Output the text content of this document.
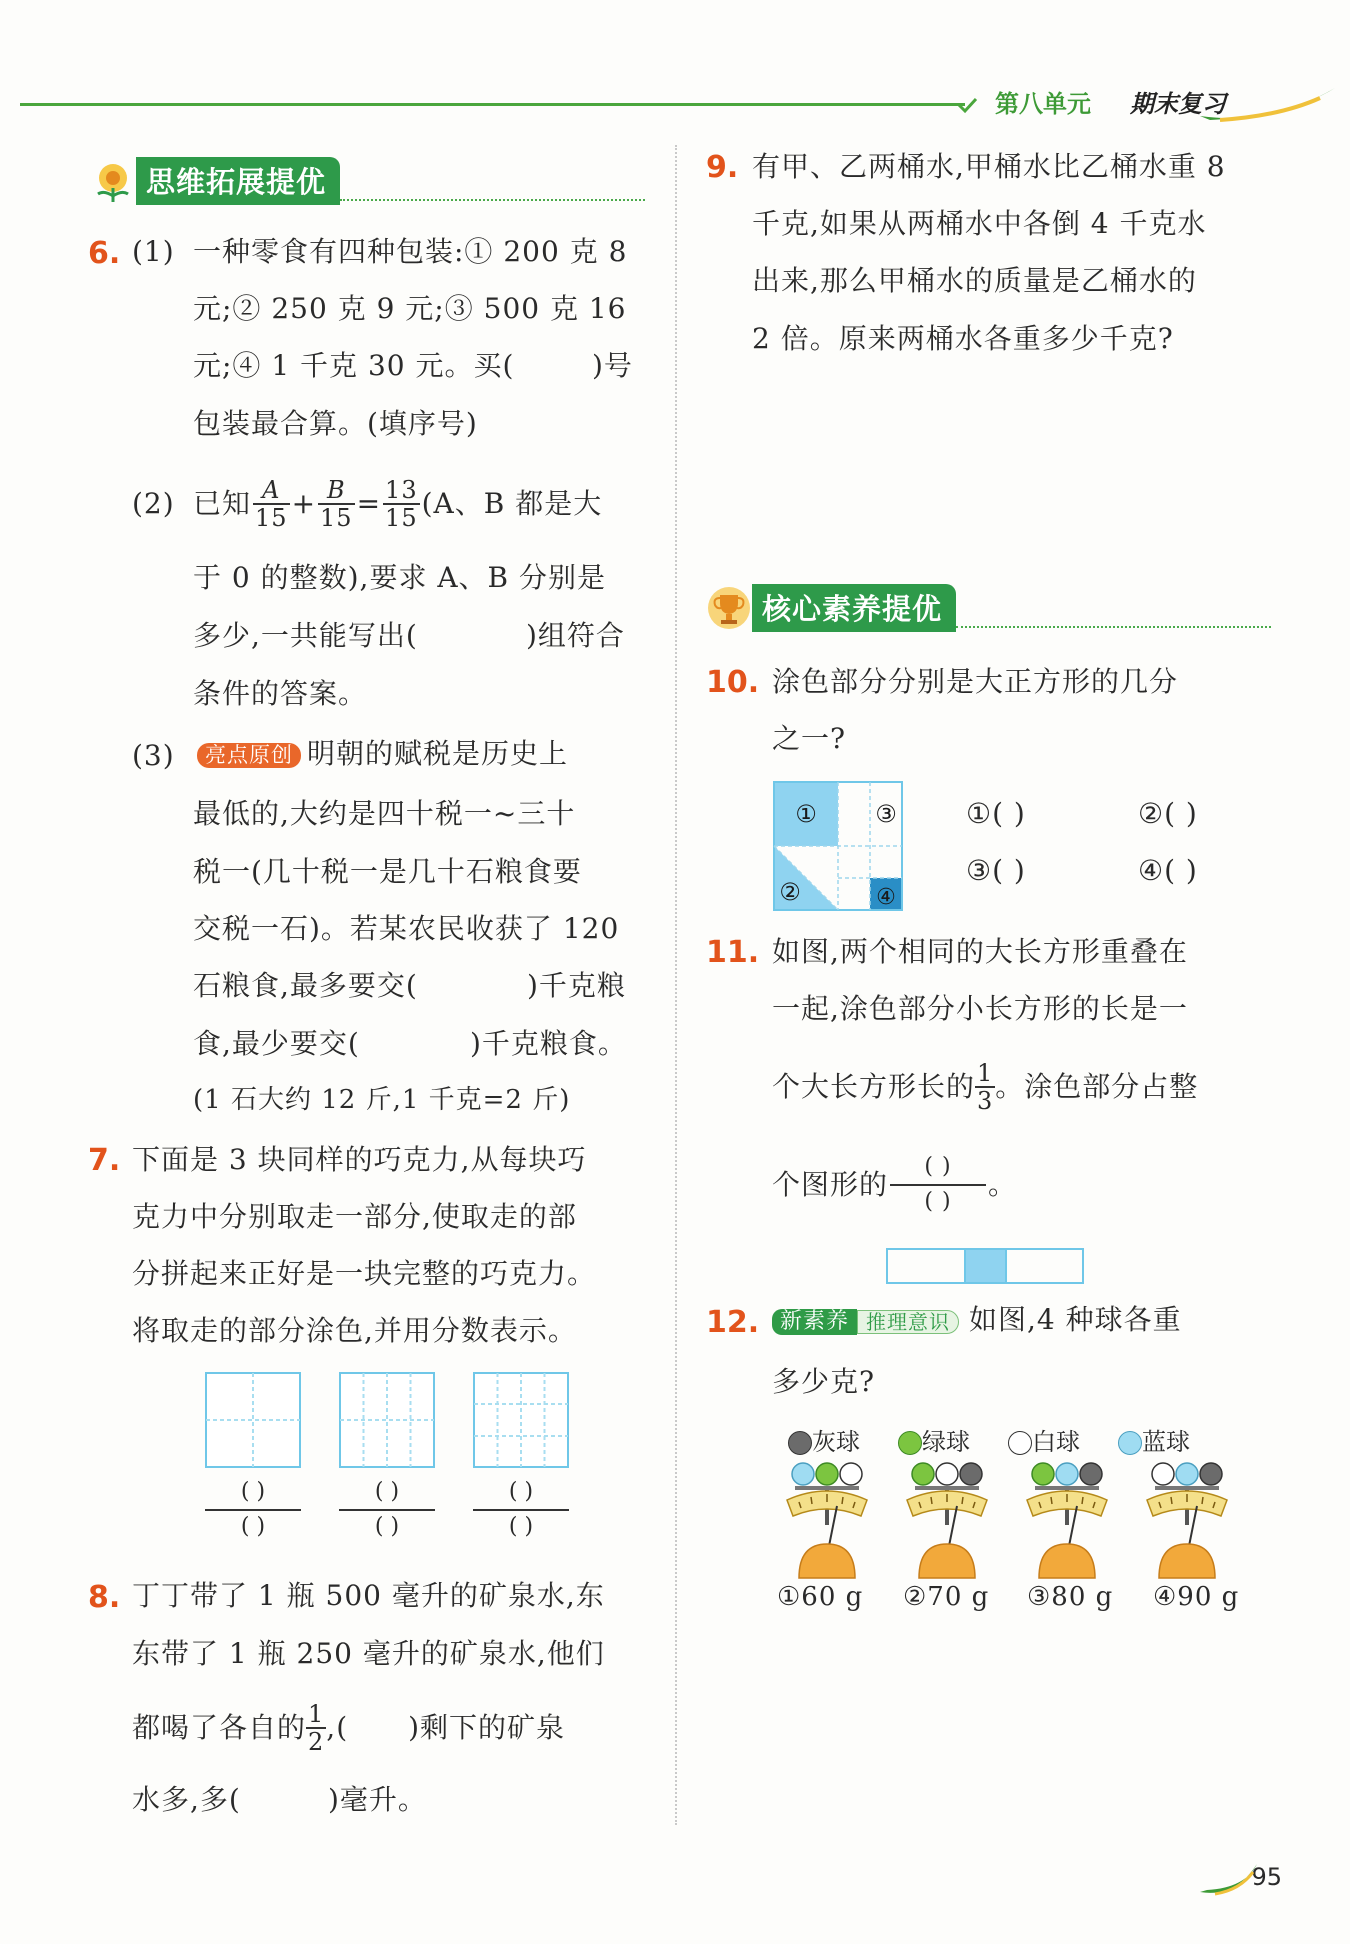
第八单元 期末复习
思维拓展提优
6. (1) 一种零食有四种包装:① 200 克 8
元;② 250 克 9 元;③ 500 克 16
元;④ 1 千克 30 元。买(	)号
包装最合算。(填序号)
(2) 已知 $\frac{A}{15} + \frac{B}{15} = \frac{13}{15} (A$、B 都是大
于 0 的整数),要求 A、B 分别是
多少,一共能写出(	)组符合
条件的答案。
(3)	亮点原创 明朝的赋税是历史上
最低的,大约是四十税一~三十
税一(几十税一是几十石粮食要
交税一石)。若某农民收获了 120
石粮食,最多要交(	)千克粮
食,最少要交(	)千克粮食。
(1 石大约 12 斤,1 千克=2 斤)
7. 下面是 3 块同样的巧克力,从每块巧
克力中分别取走一部分,使取走的部
分拼起来正好是一块完整的巧克力。
将取走的部分涂色,并用分数表示。
( )
( )
( )
( )
( )
( )
8. 丁丁带了 1 瓶 500 毫升的矿泉水,东
东带了 1 瓶 250 毫升的矿泉水,他们
都喝了各自的 $\frac{1}{2}$ ,( )剩下的矿泉
水多,多(	)毫升。
9. 有甲、乙两桶水,甲桶水比乙桶水重 8
千克,如果从两桶水中各倒 4 千克水
出来,那么甲桶水的质量是乙桶水的
2 倍。原来两桶水各重多少千克?
核心素养提优
10. 涂色部分分别是大正方形的几分
之一?
①
②
③
④
①( )	②( )
③( )	④( )
11. 如图,两个相同的大长方形重叠在
一起,涂色部分小长方形的长是一
个大长方形长的 $\frac{1}{3}$ 。涂色部分占整
个图形的 $\frac{( )}{( )}$ 。
12. 新素养 推理意识 如图,4 种球各重
多少克?
灰球	绿球	白球	蓝球
①60 g ②70 g ③80 g ④90 g
95
